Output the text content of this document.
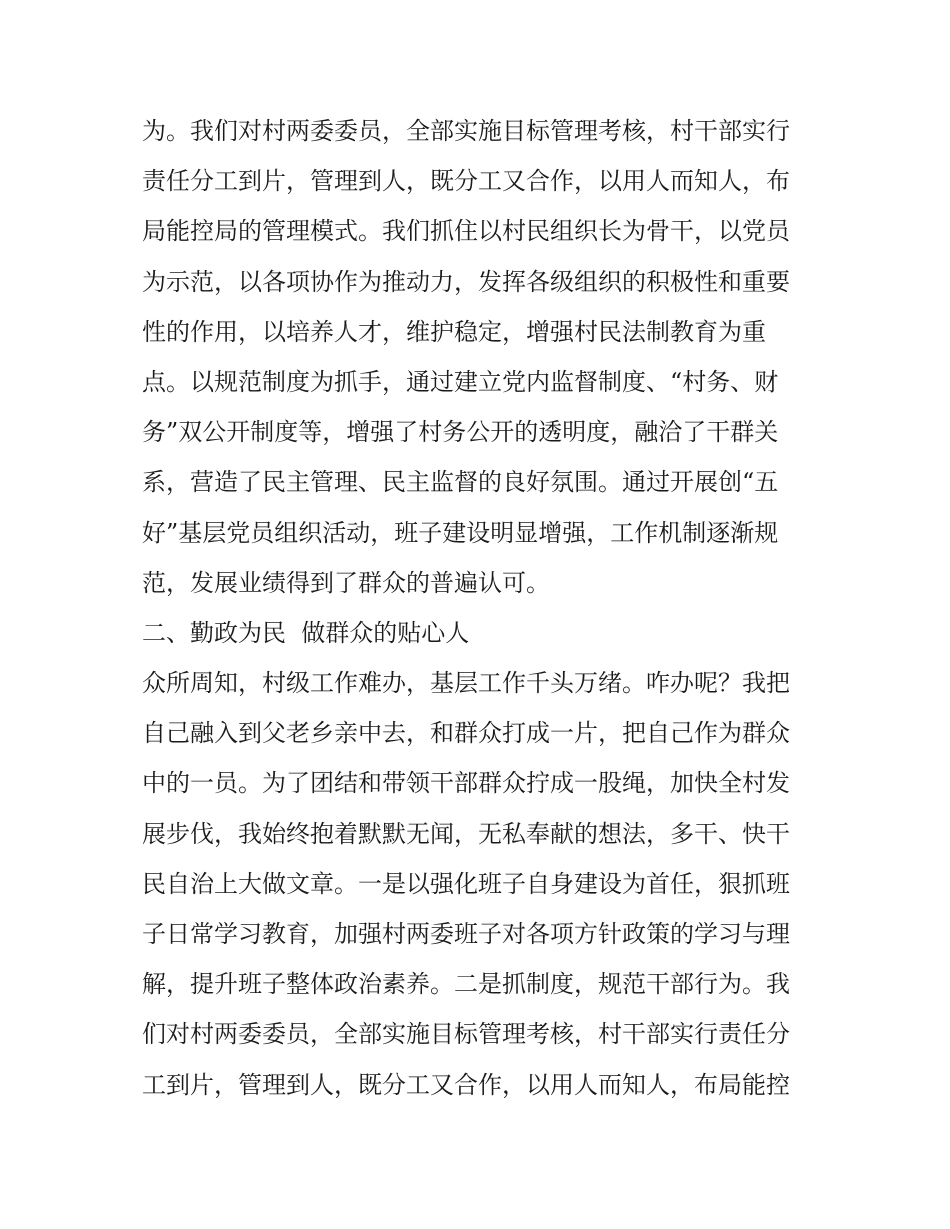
为。我们对村两委委员，全部实施目标管理考核，村干部实行
责任分工到片，管理到人，既分工又合作，以用人而知人，布
局能控局的管理模式。我们抓住以村民组织长为骨干，以党员
为示范，以各项协作为推动力，发挥各级组织的积极性和重要
性的作用，以培养人才，维护稳定，增强村民法制教育为重
点。以规范制度为抓手，通过建立党内监督制度、“村务、财
务”双公开制度等，增强了村务公开的透明度，融洽了干群关
系，营造了民主管理、民主监督的良好氛围。通过开展创“五
好”基层党员组织活动，班子建设明显增强，工作机制逐渐规
范，发展业绩得到了群众的普遍认可。
二、勤政为民  做群众的贴心人
众所周知，村级工作难办，基层工作千头万绪。咋办呢？我把
自己融入到父老乡亲中去，和群众打成一片，把自己作为群众
中的一员。为了团结和带领干部群众拧成一股绳，加快全村发
展步伐，我始终抱着默默无闻，无私奉献的想法，多干、快干
民自治上大做文章。一是以强化班子自身建设为首任，狠抓班
子日常学习教育，加强村两委班子对各项方针政策的学习与理
解，提升班子整体政治素养。二是抓制度，规范干部行为。我
们对村两委委员，全部实施目标管理考核，村干部实行责任分
工到片，管理到人，既分工又合作，以用人而知人，布局能控
